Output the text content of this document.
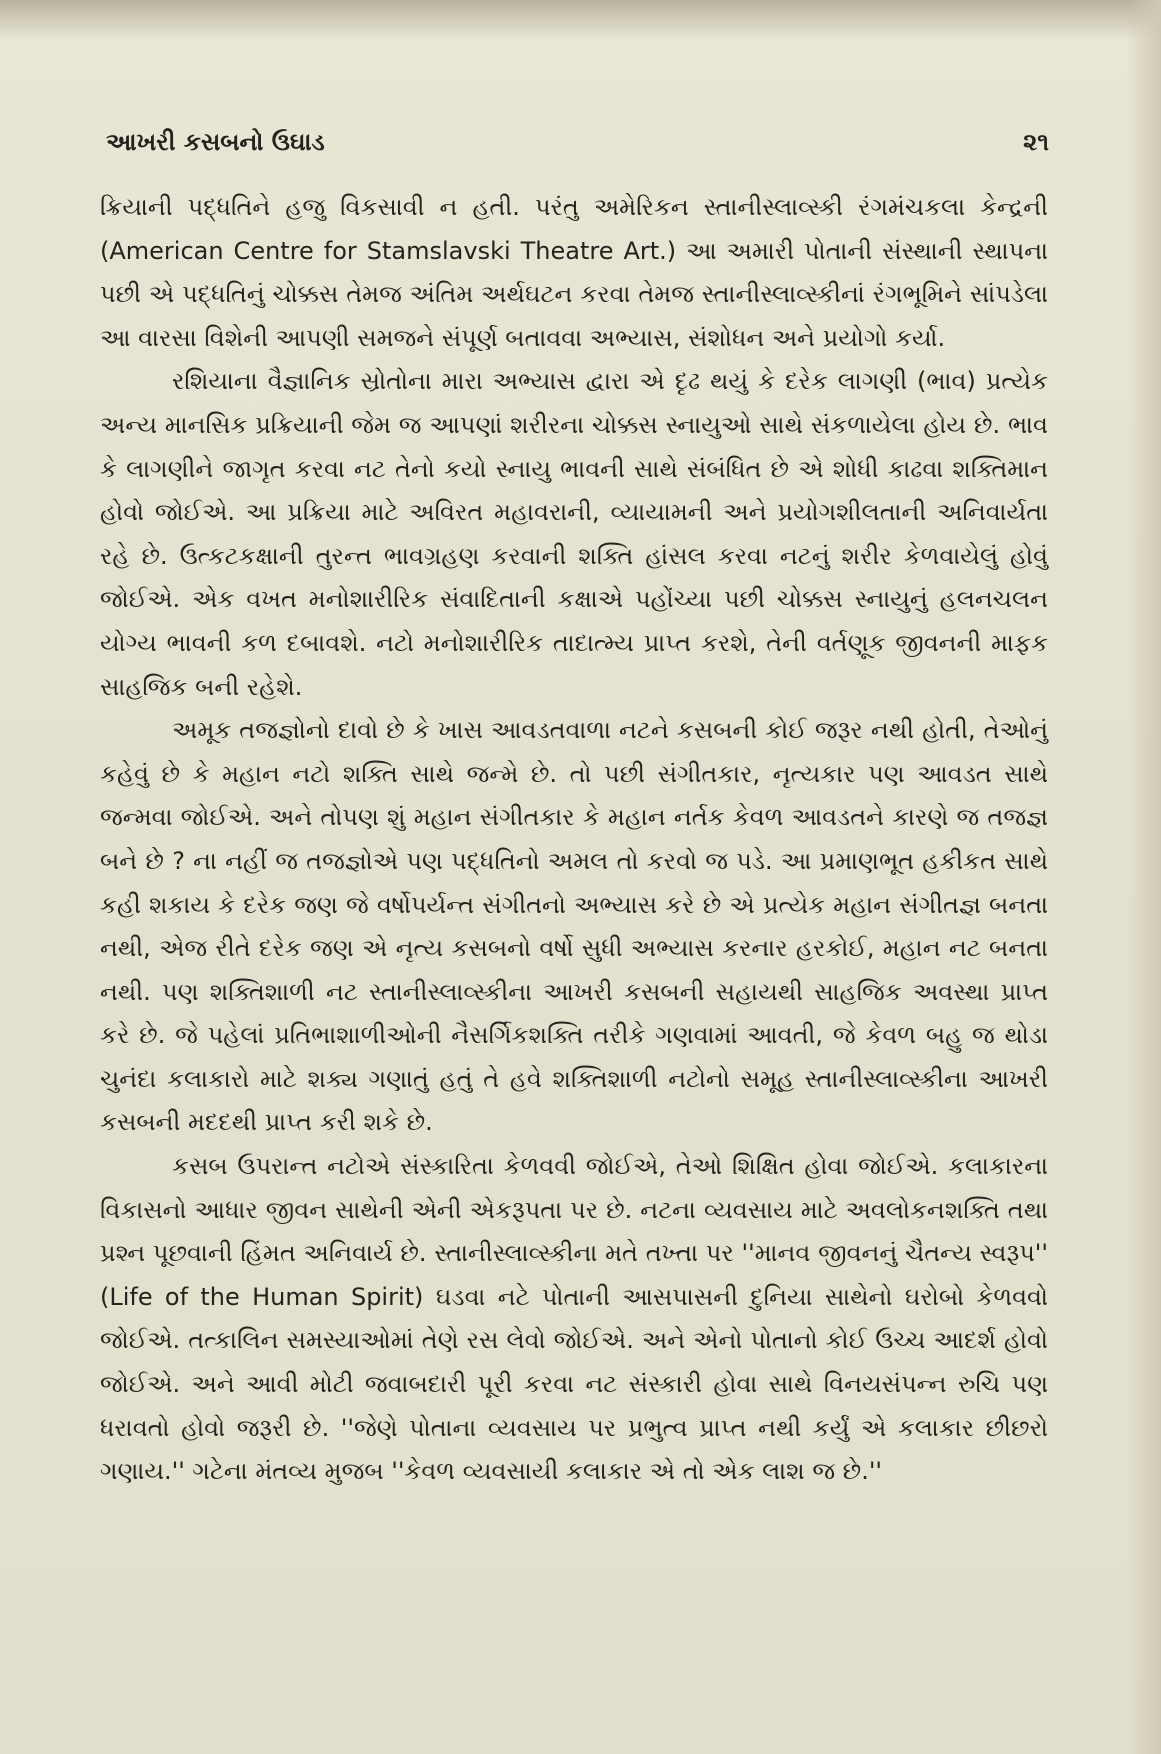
આખરી કસબનો ઉઘાડ	૨૧

ક્રિયાની પદ્ધતિને હજુ વિકસાવી ન હતી. પરંતુ અમેરિકન સ્તાનીસ્લાવ્સ્કી રંગમંચકલા કેન્દ્રની (American Centre for Stamslavski Theatre Art.) આ અમારી પોતાની સંસ્થાની સ્થાપના પછી એ પદ્ધતિનું ચોક્કસ તેમજ અંતિમ અર્થઘટન કરવા તેમજ સ્તાનીસ્લાવ્સ્કીનાં રંગભૂમિને સાંપડેલા આ વારસા વિશેની આપણી સમજને સંપૂર્ણ બતાવવા અભ્યાસ, સંશોધન અને પ્રયોગો કર્યા.

રશિયાના વૈજ્ઞાનિક સ્રોતોના મારા અભ્યાસ દ્વારા એ દૃઢ થયું કે દરેક લાગણી (ભાવ) પ્રત્યેક અન્ય માનસિક પ્રક્રિયાની જેમ જ આપણાં શરીરના ચોક્કસ સ્નાયુઓ સાથે સંકળાયેલા હોય છે. ભાવ કે લાગણીને જાગૃત કરવા નટ તેનો કયો સ્નાયુ ભાવની સાથે સંબંધિત છે એ શોધી કાઢવા શક્તિમાન હોવો જોઈએ. આ પ્રક્રિયા માટે અવિરત મહાવરાની, વ્યાયામની અને પ્રયોગશીલતાની અનિવાર્યતા રહે છે. ઉત્કટકક્ષાની તુરન્ત ભાવગ્રહણ કરવાની શક્તિ હાંસલ કરવા નટનું શરીર કેળવાયેલું હોવું જોઈએ. એક વખત મનોશારીરિક સંવાદિતાની કક્ષાએ પહોંચ્યા પછી ચોક્કસ સ્નાયુનું હલનચલન યોગ્ય ભાવની કળ દબાવશે. નટો મનોશારીરિક તાદાત્મ્ય પ્રાપ્ત કરશે, તેની વર્તણૂક જીવનની માફક સાહજિક બની રહેશે.

અમૂક તજજ્ઞોનો દાવો છે કે ખાસ આવડતવાળા નટને કસબની કોઈ જરૂર નથી હોતી, તેઓનું કહેવું છે કે મહાન નટો શક્તિ સાથે જન્મે છે. તો પછી સંગીતકાર, નૃત્યકાર પણ આવડત સાથે જન્મવા જોઈએ. અને તોપણ શું મહાન સંગીતકાર કે મહાન નર્તક કેવળ આવડતને કારણે જ તજજ્ઞ બને છે ? ના નહીં જ તજજ્ઞોએ પણ પદ્ધતિનો અમલ તો કરવો જ પડે. આ પ્રમાણભૂત હકીકત સાથે કહી શકાય કે દરેક જણ જે વર્ષોપર્યન્ત સંગીતનો અભ્યાસ કરે છે એ પ્રત્યેક મહાન સંગીતજ્ઞ બનતા નથી, એજ રીતે દરેક જણ એ નૃત્ય કસબનો વર્ષો સુધી અભ્યાસ કરનાર હરકોઈ, મહાન નટ બનતા નથી. પણ શક્તિશાળી નટ સ્તાનીસ્લાવ્સ્કીના આખરી કસબની સહાયથી સાહજિક અવસ્થા પ્રાપ્ત કરે છે. જે પહેલાં પ્રતિભાશાળીઓની નૈસર્ગિકશક્તિ તરીકે ગણવામાં આવતી, જે કેવળ બહુ જ થોડા ચુનંદા કલાકારો માટે શક્ય ગણાતું હતું તે હવે શક્તિશાળી નટોનો સમૂહ સ્તાનીસ્લાવ્સ્કીના આખરી કસબની મદદથી પ્રાપ્ત કરી શકે છે.

કસબ ઉપરાન્ત નટોએ સંસ્કારિતા કેળવવી જોઈએ, તેઓ શિક્ષિત હોવા જોઈએ. કલાકારના વિકાસનો આધાર જીવન સાથેની એની એકરૂપતા પર છે. નટના વ્યવસાય માટે અવલોકનશક્તિ તથા પ્રશ્ન પૂછવાની હિંમત અનિવાર્ય છે. સ્તાનીસ્લાવ્સ્કીના મતે તખ્તા પર ''માનવ જીવનનું ચૈતન્ય સ્વરૂપ'' (Life of the Human Spirit) ઘડવા નટે પોતાની આસપાસની દુનિયા સાથેનો ઘરોબો કેળવવો જોઈએ. તત્કાલિન સમસ્યાઓમાં તેણે રસ લેવો જોઈએ. અને એનો પોતાનો કોઈ ઉચ્ચ આદર્શ હોવો જોઈએ. અને આવી મોટી જવાબદારી પૂરી કરવા નટ સંસ્કારી હોવા સાથે વિનયસંપન્ન રુચિ પણ ધરાવતો હોવો જરૂરી છે. ''જેણે પોતાના વ્યવસાય પર પ્રભુત્વ પ્રાપ્ત નથી કર્યું એ કલાકાર છીછરો ગણાય.'' ગટેના મંતવ્ય મુજબ ''કેવળ વ્યવસાયી કલાકાર એ તો એક લાશ જ છે.''
